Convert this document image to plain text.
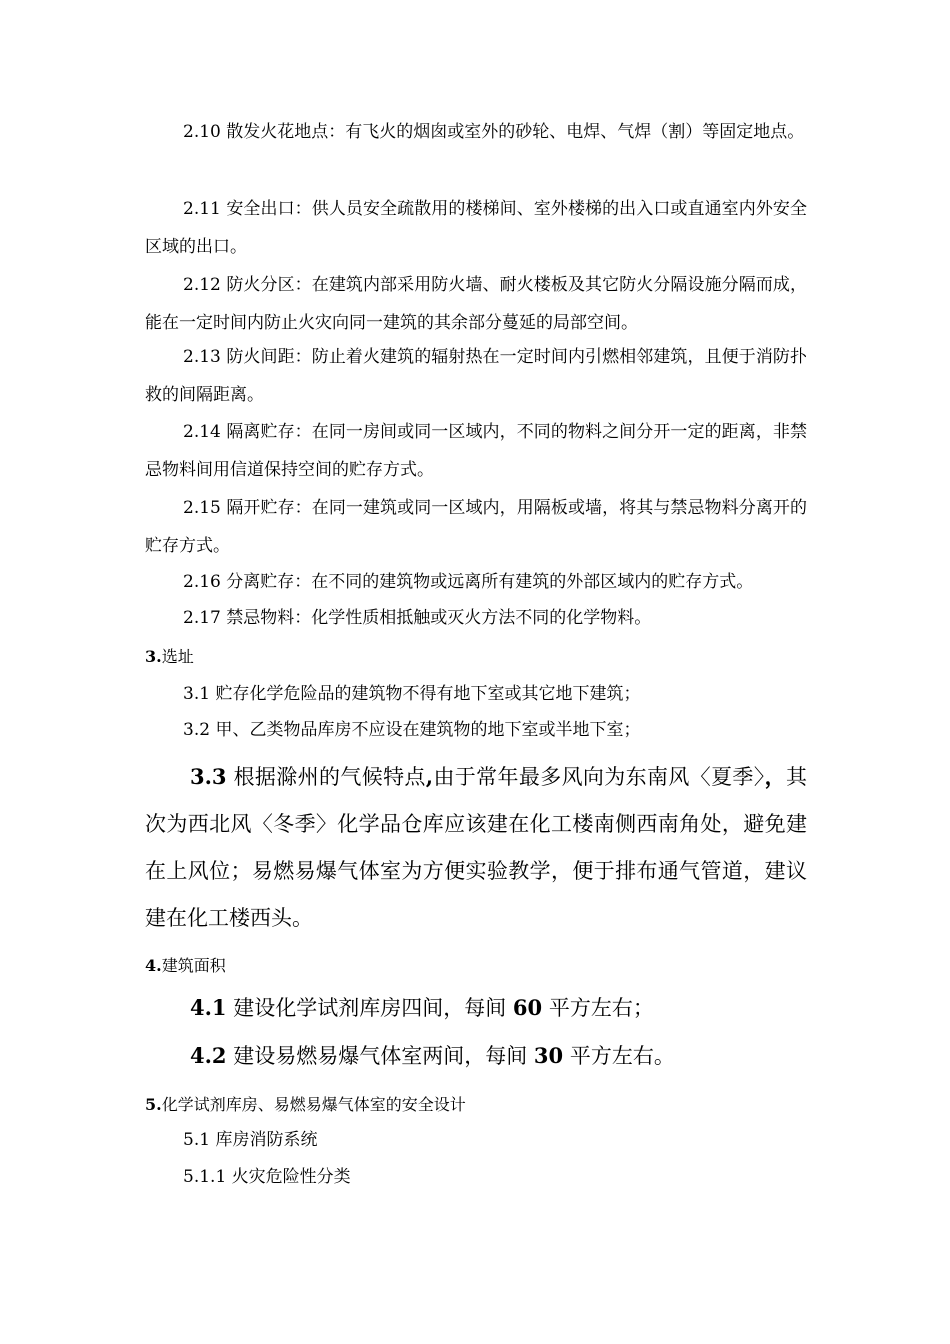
2.10 散发火花地点：有飞火的烟囱或室外的砂轮、电焊、气焊（割）等固定地点。

2.11 安全出口：供人员安全疏散用的楼梯间、室外楼梯的出入口或直通室内外安全区域的出口。

2.12 防火分区：在建筑内部采用防火墙、耐火楼板及其它防火分隔设施分隔而成，能在一定时间内防止火灾向同一建筑的其余部分蔓延的局部空间。

2.13 防火间距：防止着火建筑的辐射热在一定时间内引燃相邻建筑，且便于消防扑救的间隔距离。

2.14 隔离贮存：在同一房间或同一区域内，不同的物料之间分开一定的距离，非禁忌物料间用信道保持空间的贮存方式。

2.15 隔开贮存：在同一建筑或同一区域内，用隔板或墙，将其与禁忌物料分离开的贮存方式。

2.16 分离贮存：在不同的建筑物或远离所有建筑的外部区域内的贮存方式。

2.17 禁忌物料：化学性质相抵触或灭火方法不同的化学物料。

3.选址

3.1 贮存化学危险品的建筑物不得有地下室或其它地下建筑；

3.2 甲、乙类物品库房不应设在建筑物的地下室或半地下室；

3.3 根据滁州的气候特点,由于常年最多风向为东南风〈夏季〉，其次为西北风〈冬季〉化学品仓库应该建在化工楼南侧西南角处，避免建在上风位；易燃易爆气体室为方便实验教学，便于排布通气管道，建议建在化工楼西头。

4.建筑面积

4.1 建设化学试剂库房四间，每间 60 平方左右；

4.2 建设易燃易爆气体室两间，每间 30 平方左右。

5.化学试剂库房、易燃易爆气体室的安全设计

5.1 库房消防系统

5.1.1 火灾危险性分类
